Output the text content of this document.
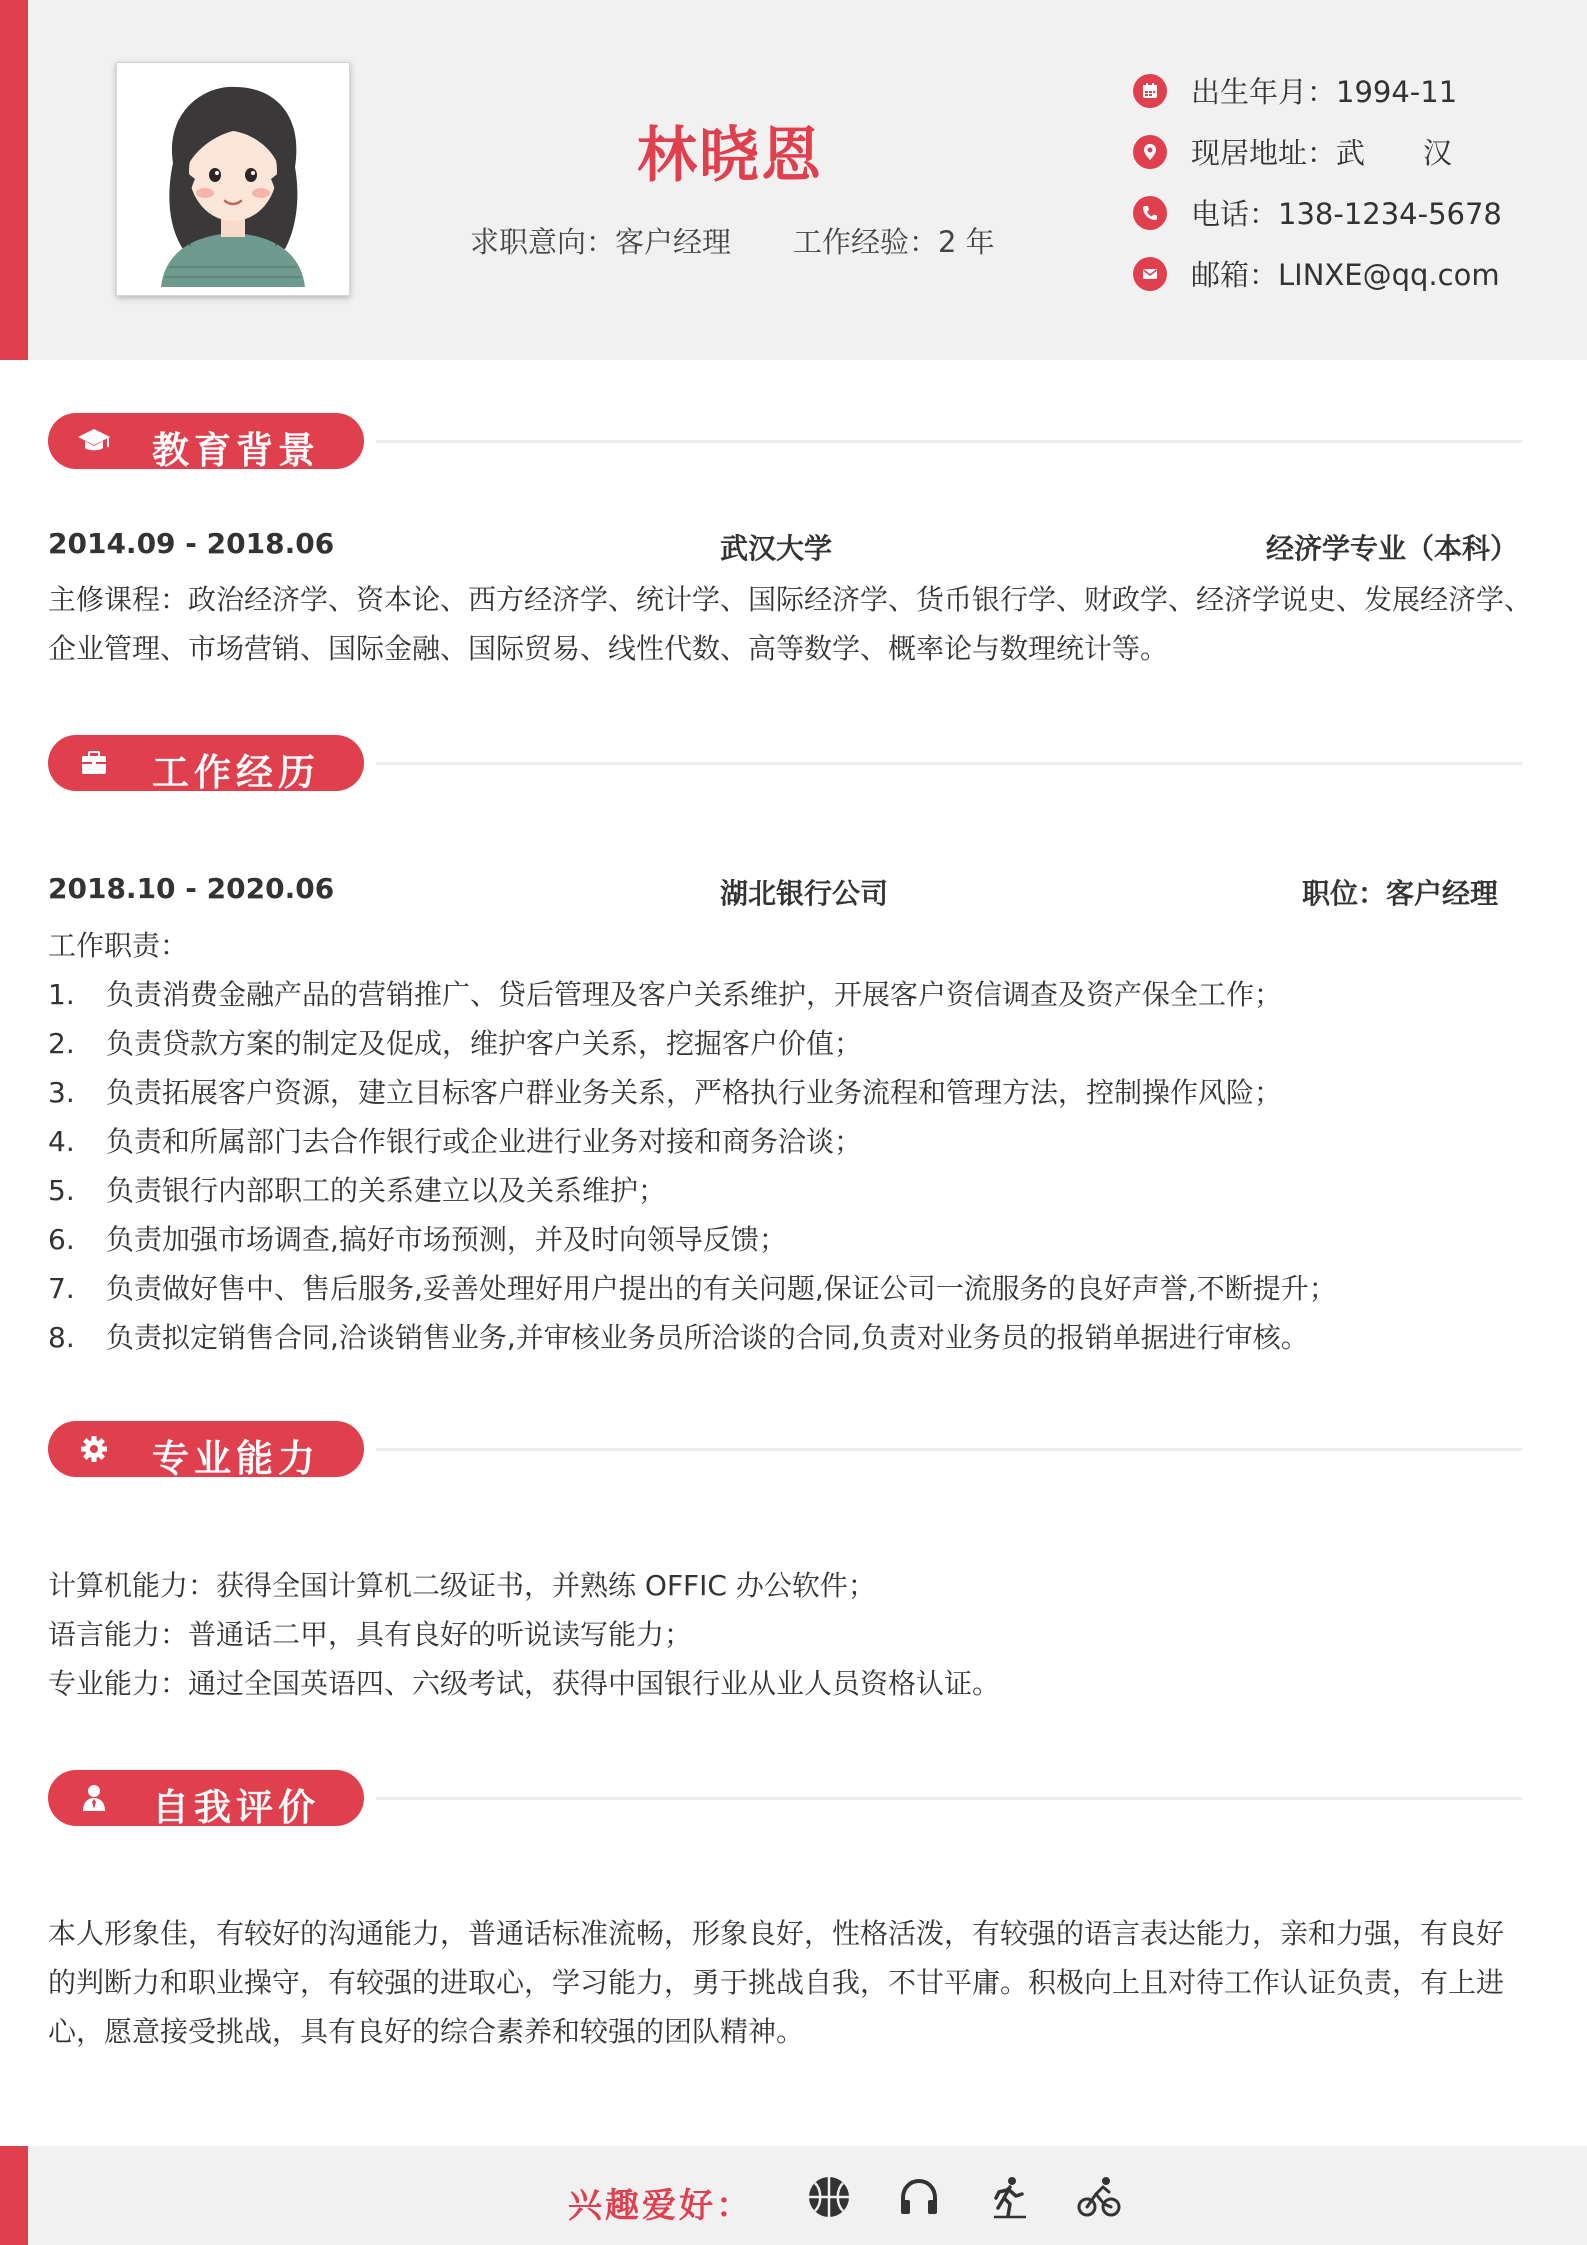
林晓恩
求职意向：客户经理 工作经验：2 年
出生年月：1994-11
现居地址：武　　汉
电话：138-1234-5678
邮箱：LINXE@qq.com
教育背景
2014.09 - 2018.06	武汉大学	经济学专业（本科）
主修课程：政治经济学、资本论、西方经济学、统计学、国际经济学、货币银行学、财政学、经济学说史、发展经济学、
企业管理、市场营销、国际金融、国际贸易、线性代数、高等数学、概率论与数理统计等。
工作经历
2018.10 - 2020.06	湖北银行公司	职位：客户经理
工作职责：
1. 负责消费金融产品的营销推广、贷后管理及客户关系维护，开展客户资信调查及资产保全工作；
2. 负责贷款方案的制定及促成，维护客户关系，挖掘客户价值；
3. 负责拓展客户资源，建立目标客户群业务关系，严格执行业务流程和管理方法，控制操作风险；
4. 负责和所属部门去合作银行或企业进行业务对接和商务洽谈；
5. 负责银行内部职工的关系建立以及关系维护；
6. 负责加强市场调查,搞好市场预测，并及时向领导反馈；
7. 负责做好售中、售后服务,妥善处理好用户提出的有关问题,保证公司一流服务的良好声誉,不断提升；
8. 负责拟定销售合同,洽谈销售业务,并审核业务员所洽谈的合同,负责对业务员的报销单据进行审核。
专业能力
计算机能力：获得全国计算机二级证书，并熟练 OFFIC 办公软件；
语言能力：普通话二甲，具有良好的听说读写能力；
专业能力：通过全国英语四、六级考试，获得中国银行业从业人员资格认证。
自我评价
本人形象佳，有较好的沟通能力，普通话标准流畅，形象良好，性格活泼，有较强的语言表达能力，亲和力强，有良好
的判断力和职业操守，有较强的进取心，学习能力，勇于挑战自我，不甘平庸。积极向上且对待工作认证负责，有上进
心，愿意接受挑战，具有良好的综合素养和较强的团队精神。
兴趣爱好：
